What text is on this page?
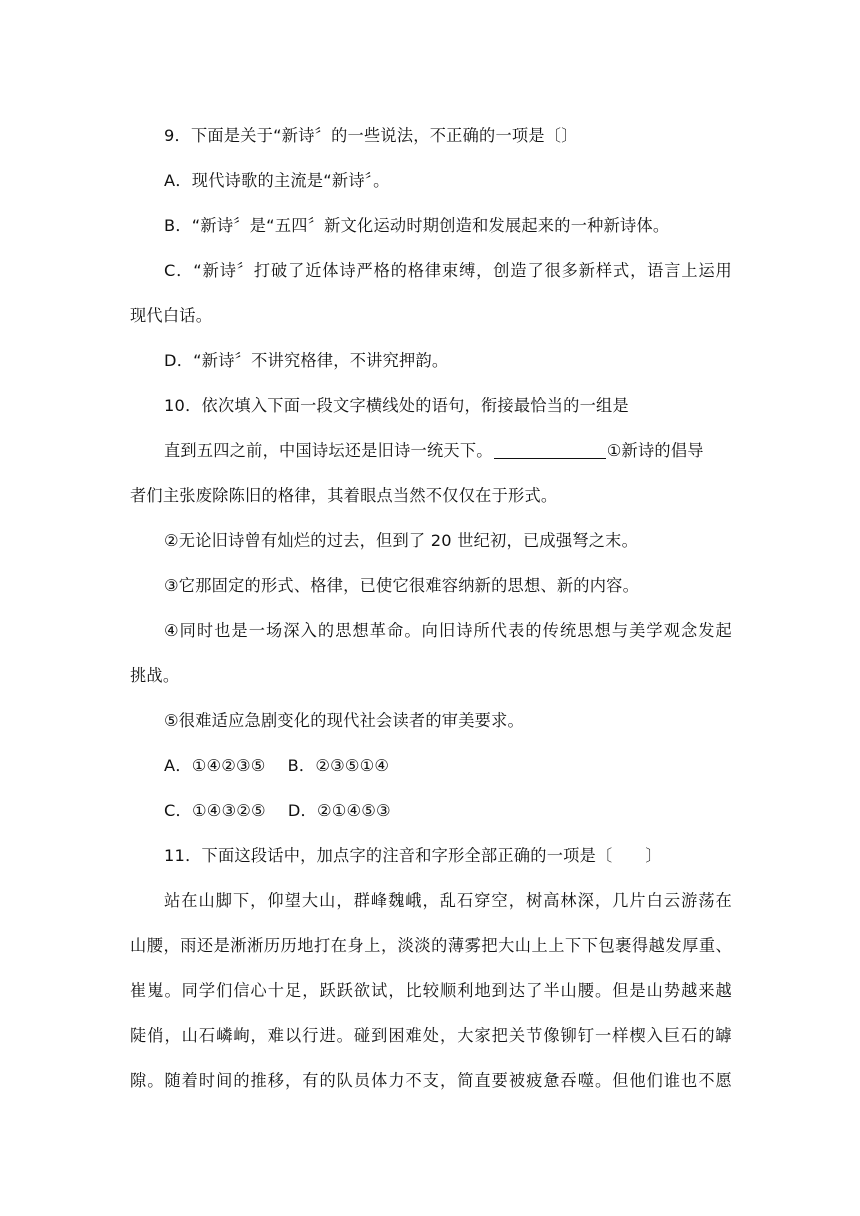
9．下面是关于“新诗〞的一些说法，不正确的一项是〔〕
A．现代诗歌的主流是“新诗〞。
B．“新诗〞是“五四〞新文化运动时期创造和发展起来的一种新诗体。
C．“新诗〞打破了近体诗严格的格律束缚，创造了很多新样式，语言上运用
现代白话。
D．“新诗〞不讲究格律，不讲究押韵。
10．依次填入下面一段文字横线处的语句，衔接最恰当的一组是
直到五四之前，中国诗坛还是旧诗一统天下。	①新诗的倡导
者们主张废除陈旧的格律，其着眼点当然不仅仅在于形式。
②无论旧诗曾有灿烂的过去，但到了 20 世纪初，已成强弩之末。
③它那固定的形式、格律，已使它很难容纳新的思想、新的内容。
④同时也是一场深入的思想革命。向旧诗所代表的传统思想与美学观念发起
挑战。
⑤很难适应急剧变化的现代社会读者的审美要求。
A．①④②③⑤ B．②③⑤①④
C．①④③②⑤ D．②①④⑤③
11．下面这段话中，加点字的注音和字形全部正确的一项是〔　　〕
站在山脚下，仰望大山，群峰魏峨，乱石穿空，树高林深，几片白云游荡在
山腰，雨还是淅淅历历地打在身上，淡淡的薄雾把大山上上下下包裹得越发厚重、
崔嵬。同学们信心十足，跃跃欲试，比较顺利地到达了半山腰。但是山势越来越
陡俏，山石嶙峋，难以行进。碰到困难处，大家把关节像铆钉一样楔入巨石的罅
隙。随着时间的推移，有的队员体力不支，简直要被疲惫吞噬。但他们谁也不愿
